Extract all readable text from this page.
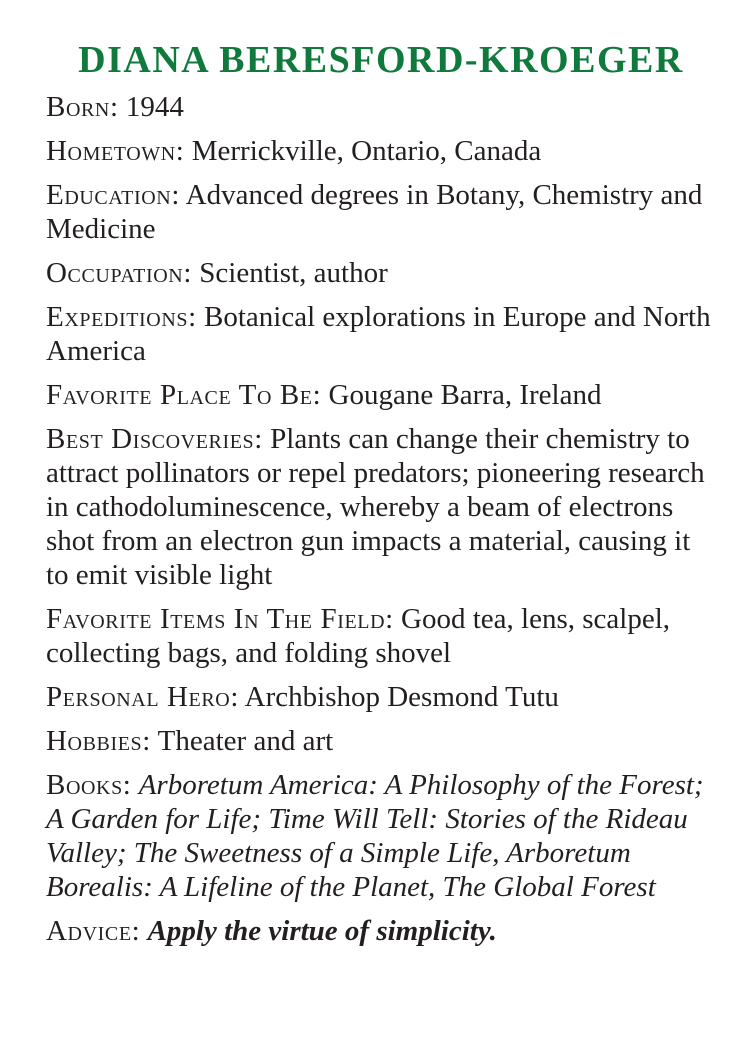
DIANA BERESFORD-KROEGER
Born: 1944
Hometown: Merrickville, Ontario, Canada
Education: Advanced degrees in Botany, Chemistry and Medicine
Occupation: Scientist, author
Expeditions: Botanical explorations in Europe and North America
Favorite Place To Be: Gougane Barra, Ireland
Best Discoveries: Plants can change their chemistry to attract pollinators or repel predators; pioneering research in cathodoluminescence, whereby a beam of electrons shot from an electron gun impacts a material, causing it to emit visible light
Favorite Items In The Field: Good tea, lens, scalpel, collecting bags, and folding shovel
Personal Hero: Archbishop Desmond Tutu
Hobbies: Theater and art
Books: Arboretum America: A Philosophy of the Forest; A Garden for Life; Time Will Tell: Stories of the Rideau Valley; The Sweetness of a Simple Life, Arboretum Borealis: A Lifeline of the Planet, The Global Forest
Advice: Apply the virtue of simplicity.
